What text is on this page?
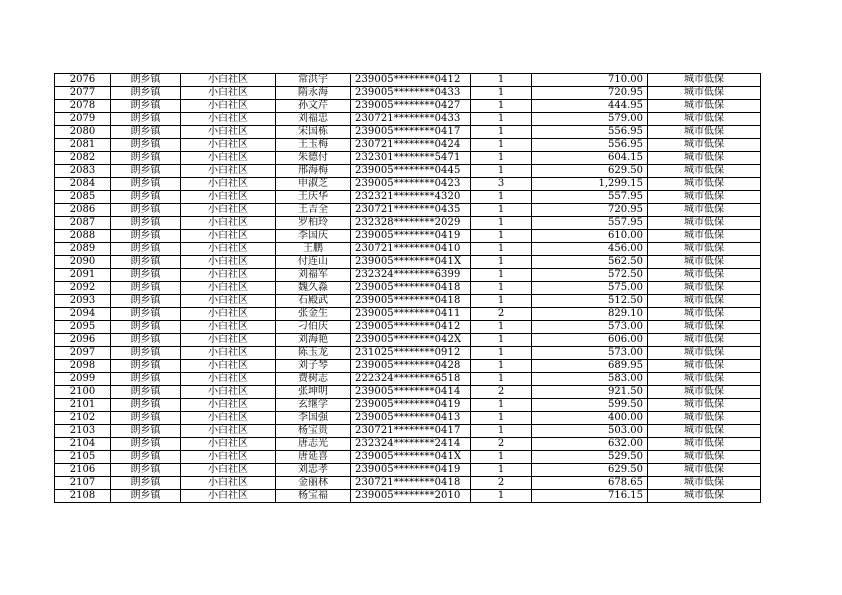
2076	朗乡镇	小白社区	常洪宇	239005********0412	1	710.00	城市低保
2077	朗乡镇	小白社区	隋永海	239005********0433	1	720.95	城市低保
2078	朗乡镇	小白社区	孙文芹	239005********0427	1	444.95	城市低保
2079	朗乡镇	小白社区	刘福忠	230721********0433	1	579.00	城市低保
2080	朗乡镇	小白社区	宋国栋	239005********0417	1	556.95	城市低保
2081	朗乡镇	小白社区	王玉梅	230721********0424	1	556.95	城市低保
2082	朗乡镇	小白社区	朱德付	232301********5471	1	604.15	城市低保
2083	朗乡镇	小白社区	邢海梅	239005********0445	1	629.50	城市低保
2084	朗乡镇	小白社区	申淑芝	239005********0423	3	1,299.15	城市低保
2085	朗乡镇	小白社区	王庆华	232321********4320	1	557.95	城市低保
2086	朗乡镇	小白社区	王吉全	230721********0435	1	720.95	城市低保
2087	朗乡镇	小白社区	罗柏玲	232328********2029	1	557.95	城市低保
2088	朗乡镇	小白社区	李国庆	239005********0419	1	610.00	城市低保
2089	朗乡镇	小白社区	王鹏	230721********0410	1	456.00	城市低保
2090	朗乡镇	小白社区	付连山	239005********041X	1	562.50	城市低保
2091	朗乡镇	小白社区	刘福军	232324********6399	1	572.50	城市低保
2092	朗乡镇	小白社区	魏久淼	239005********0418	1	575.00	城市低保
2093	朗乡镇	小白社区	石殿武	239005********0418	1	512.50	城市低保
2094	朗乡镇	小白社区	张金生	239005********0411	2	829.10	城市低保
2095	朗乡镇	小白社区	刁伯庆	239005********0412	1	573.00	城市低保
2096	朗乡镇	小白社区	刘海艳	239005********042X	1	606.00	城市低保
2097	朗乡镇	小白社区	陈玉龙	231025********0912	1	573.00	城市低保
2098	朗乡镇	小白社区	刘子琴	239005********0428	1	689.95	城市低保
2099	朗乡镇	小白社区	费树志	222324********6518	1	583.00	城市低保
2100	朗乡镇	小白社区	张坤明	239005********0414	2	921.50	城市低保
2101	朗乡镇	小白社区	玄继学	239005********0419	1	599.50	城市低保
2102	朗乡镇	小白社区	李国强	239005********0413	1	400.00	城市低保
2103	朗乡镇	小白社区	杨宝贵	230721********0417	1	503.00	城市低保
2104	朗乡镇	小白社区	唐志光	232324********2414	2	632.00	城市低保
2105	朗乡镇	小白社区	唐延喜	239005********041X	1	529.50	城市低保
2106	朗乡镇	小白社区	刘忠孝	239005********0419	1	629.50	城市低保
2107	朗乡镇	小白社区	金丽林	230721********0418	2	678.65	城市低保
2108	朗乡镇	小白社区	杨宝福	239005********2010	1	716.15	城市低保
